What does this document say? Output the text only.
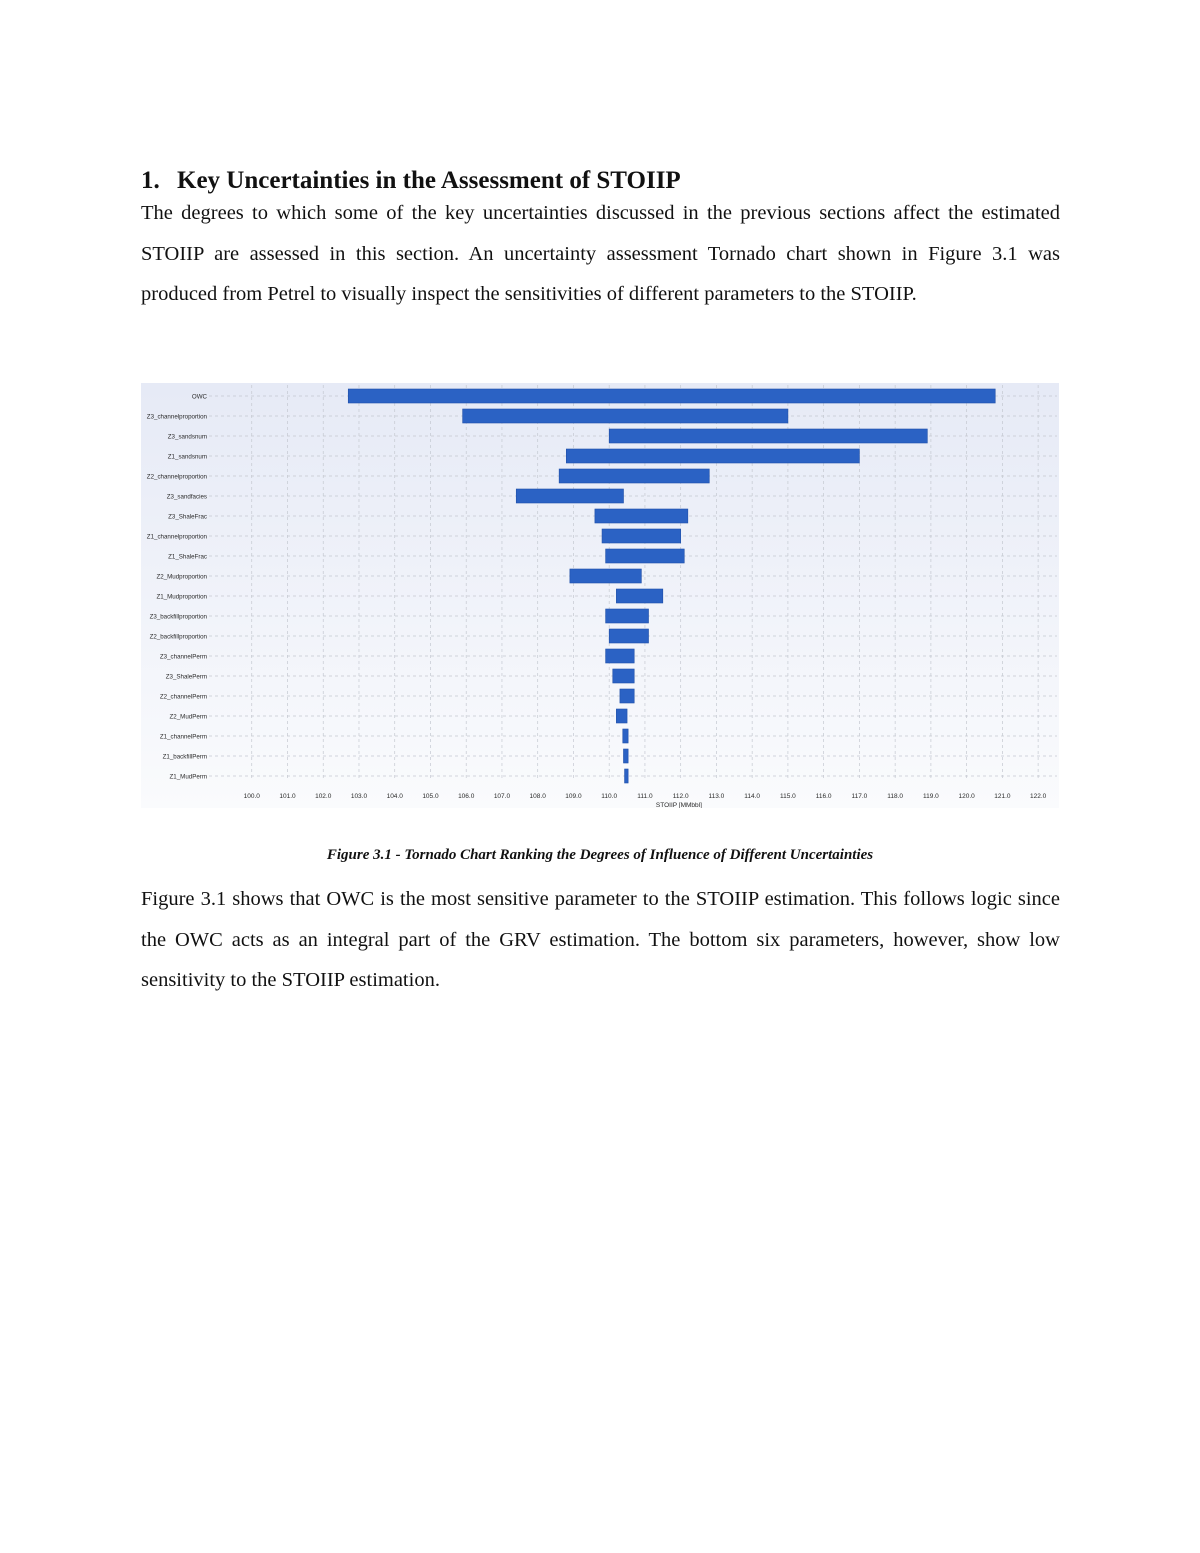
1. Key Uncertainties in the Assessment of STOIIP

The degrees to which some of the key uncertainties discussed in the previous sections affect the estimated STOIIP are assessed in this section. An uncertainty assessment Tornado chart shown in Figure 3.1 was produced from Petrel to visually inspect the sensitivities of different parameters to the STOIIP.

OWC
Z3_channelproportion
Z3_sandsnum
Z1_sandsnum
Z2_channelproportion
Z3_sandfacies
Z3_ShaleFrac
Z1_channelproportion
Z1_ShaleFrac
Z2_Mudproportion
Z1_Mudproportion
Z3_backfillproportion
Z2_backfillproportion
Z3_channelPerm
Z3_ShalePerm
Z2_channelPerm
Z2_MudPerm
Z1_channelPerm
Z1_backfillPerm
Z1_MudPerm
100.0	101.0	102.0	103.0	104.0	105.0	106.0	107.0	108.0	109.0	110.0	111.0	112.0	113.0	114.0	115.0	116.0	117.0	118.0	119.0	120.0	121.0	122.0
STOIIP [MMbbl]

Figure 3.1 - Tornado Chart Ranking the Degrees of Influence of Different Uncertainties

Figure 3.1 shows that OWC is the most sensitive parameter to the STOIIP estimation. This follows logic since the OWC acts as an integral part of the GRV estimation. The bottom six parameters, however, show low sensitivity to the STOIIP estimation.
